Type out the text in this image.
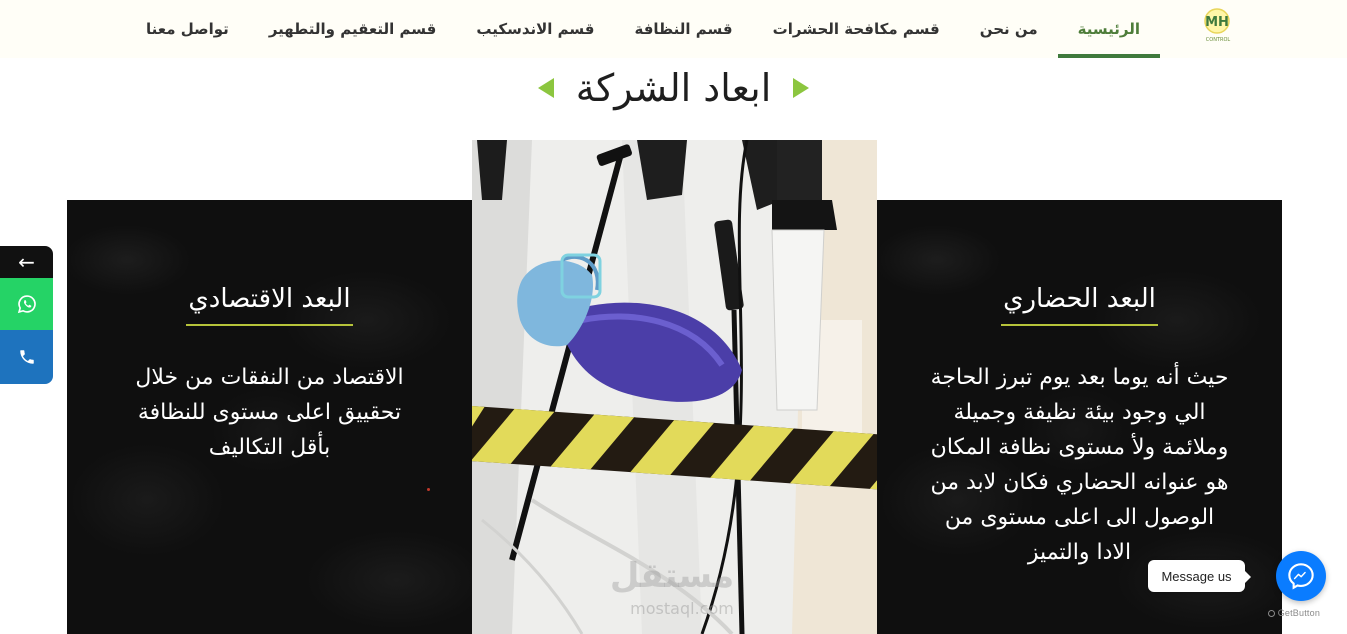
MH
CONTROL
الرئيسية
من نحن
قسم مكافحة الحشرات
قسم النظافة
قسم الاندسكيب
قسم التعقيم والتطهير
تواصل معنا
ابعاد الشركة
البعد الاقتصادي

الاقتصاد من النفقات من خلال تحقييق اعلى مستوى للنظافة بأقل التكاليف

مستقل
mostaql.com
البعد الحضاري

حيث أنه يوما بعد يوم تبرز الحاجة الي وجود بيئة نظيفة وجميلة وملائمة ولأ مستوى نظافة المكان هو عنوانه الحضاري فكان لابد من الوصول الى اعلى مستوى من الادا والتميز

←
Message us
GetButton
